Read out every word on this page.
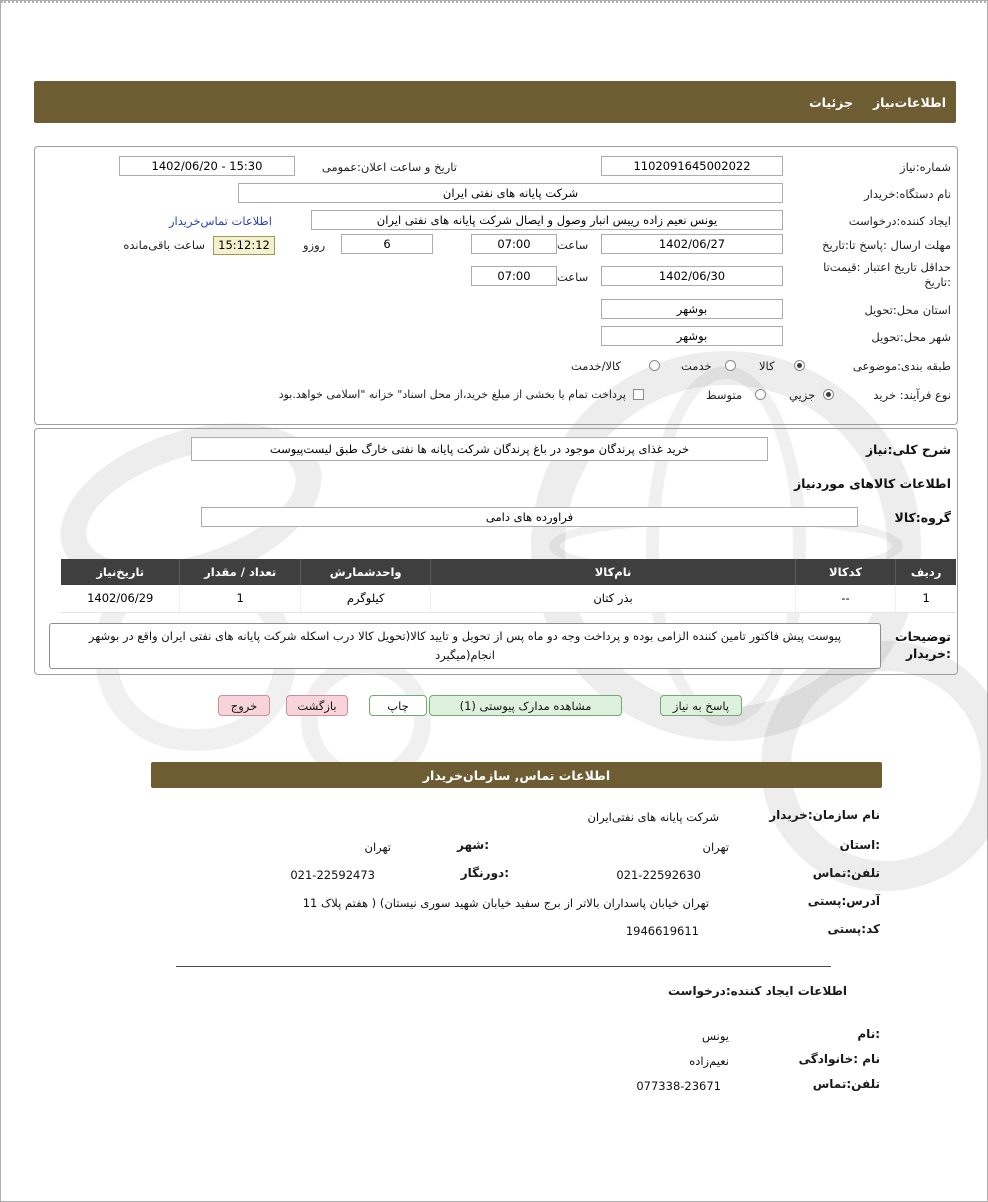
اطلاعات‌نیاز
جزئیات
شماره:نیاز
1102091645002022
تاریخ و ساعت اعلان:عمومی
1402/06/20 - 15:30
نام دستگاه:خریدار
شرکت پایانه های نفتی ایران
ایجاد کننده:درخواست
یونس نعیم زاده رییس انبار وصول و ایصال شرکت پایانه های نفتی ایران
اطلاعات تماس‌خریدار
مهلت ارسال :پاسخ تا:تاریخ
1402/06/27
ساعت
07:00
6
روزو
15:12:12
ساعت باقی‌مانده
حداقل تاریخ اعتبار :قیمت‌تا
:تاریخ
1402/06/30
ساعت
07:00
استان محل:تحویل
بوشهر
شهر محل:تحویل
بوشهر
طبقه بندی:موضوعی
کالا
خدمت
کالا/خدمت
نوع فرآیند: خرید
جزیي
متوسط
پرداخت تمام یا بخشی از مبلغ خرید،از محل اسناد" خزانه "اسلامی خواهد.بود
شرح کلی:نیاز
خرید غذای پرندگان موجود در باغ پرندگان شرکت پایانه ها نفتی خارگ طبق لیست‌پیوست
اطلاعات کالاهای موردنیاز
گروه:کالا
فراورده های دامی
ردیف
کدکالا
نام‌کالا
واحدشمارش
تعداد / مقدار
تاریخ‌نیاز
1
--
بذر کتان
کیلوگرم
1
1402/06/29
توضیحات
:خریدار
پیوست پیش فاکتور تامین کننده الزامی بوده و پرداخت وجه دو ماه پس از تحویل و تایید کالا(تحویل کالا درب اسکله شرکت پایانه های نفتی ایران واقع در بوشهر انجام(میگیرد
پاسخ به نیاز
مشاهده مدارک پیوستی (1)
چاپ
بازگشت
خروج
اطلاعات تماس, سازمان‌خریدار
نام سازمان:خریدار
شرکت پایانه های نفتی‌ایران
:استان
تهران
:شهر
تهران
تلفن:تماس
021-22592630
:دورنگار
021-22592473
آدرس:پستی
تهران خیابان پاسداران بالاتر از برج سفید خیابان شهید سوری نیستان) ( هفتم پلاک 11
کد:پستی
1946619611
اطلاعات ایجاد کننده:درخواست
:نام
یونس
نام :خانوادگی
نعیم‌زاده
تلفن:تماس
077338-23671
